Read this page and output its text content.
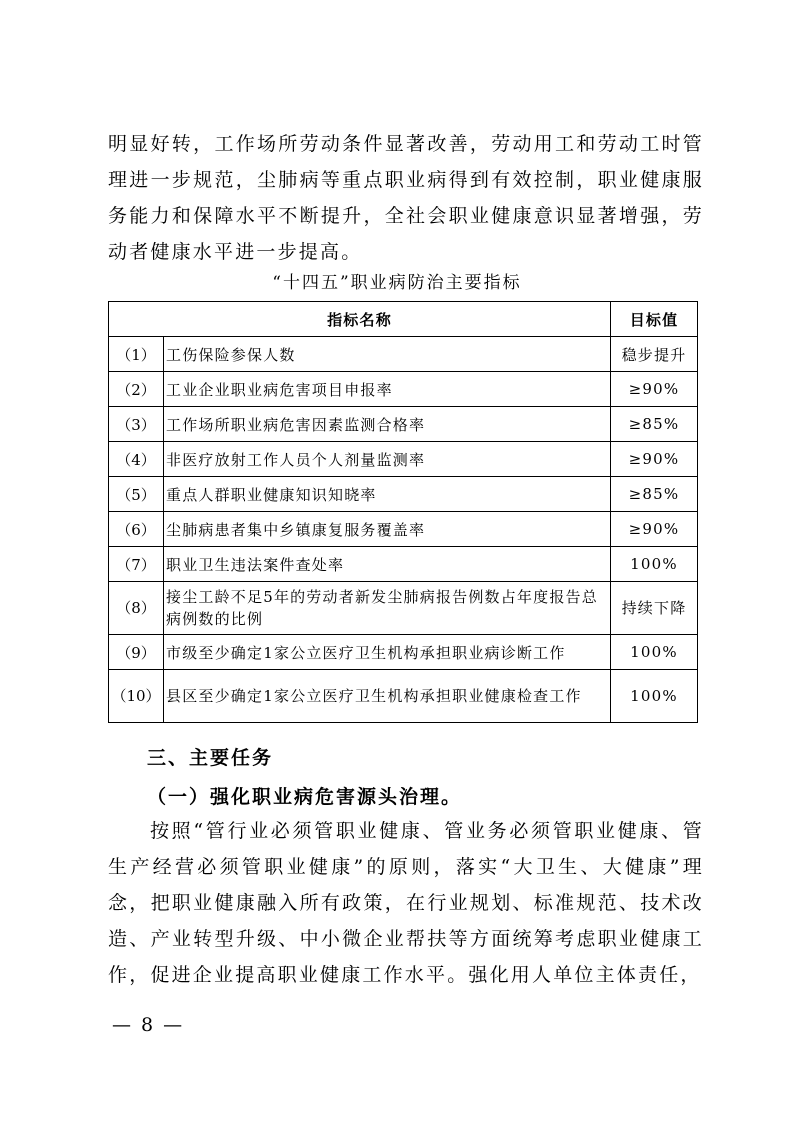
明显好转，工作场所劳动条件显著改善，劳动用工和劳动工时管理进一步规范，尘肺病等重点职业病得到有效控制，职业健康服务能力和保障水平不断提升，全社会职业健康意识显著增强，劳动者健康水平进一步提高。

“十四五”职业病防治主要指标

指标名称		目标值
（1）	工伤保险参保人数	稳步提升
（2）	工业企业职业病危害项目申报率	≥90%
（3）	工作场所职业病危害因素监测合格率	≥85%
（4）	非医疗放射工作人员个人剂量监测率	≥90%
（5）	重点人群职业健康知识知晓率	≥85%
（6）	尘肺病患者集中乡镇康复服务覆盖率	≥90%
（7）	职业卫生违法案件查处率	100%
（8）	接尘工龄不足5年的劳动者新发尘肺病报告例数占年度报告总病例数的比例	持续下降
（9）	市级至少确定1家公立医疗卫生机构承担职业病诊断工作	100%
（10）	县区至少确定1家公立医疗卫生机构承担职业健康检查工作	100%

三、主要任务

（一）强化职业病危害源头治理。

按照“管行业必须管职业健康、管业务必须管职业健康、管生产经营必须管职业健康”的原则，落实“大卫生、大健康”理念，把职业健康融入所有政策，在行业规划、标准规范、技术改造、产业转型升级、中小微企业帮扶等方面统筹考虑职业健康工作，促进企业提高职业健康工作水平。强化用人单位主体责任，

— 8 —
